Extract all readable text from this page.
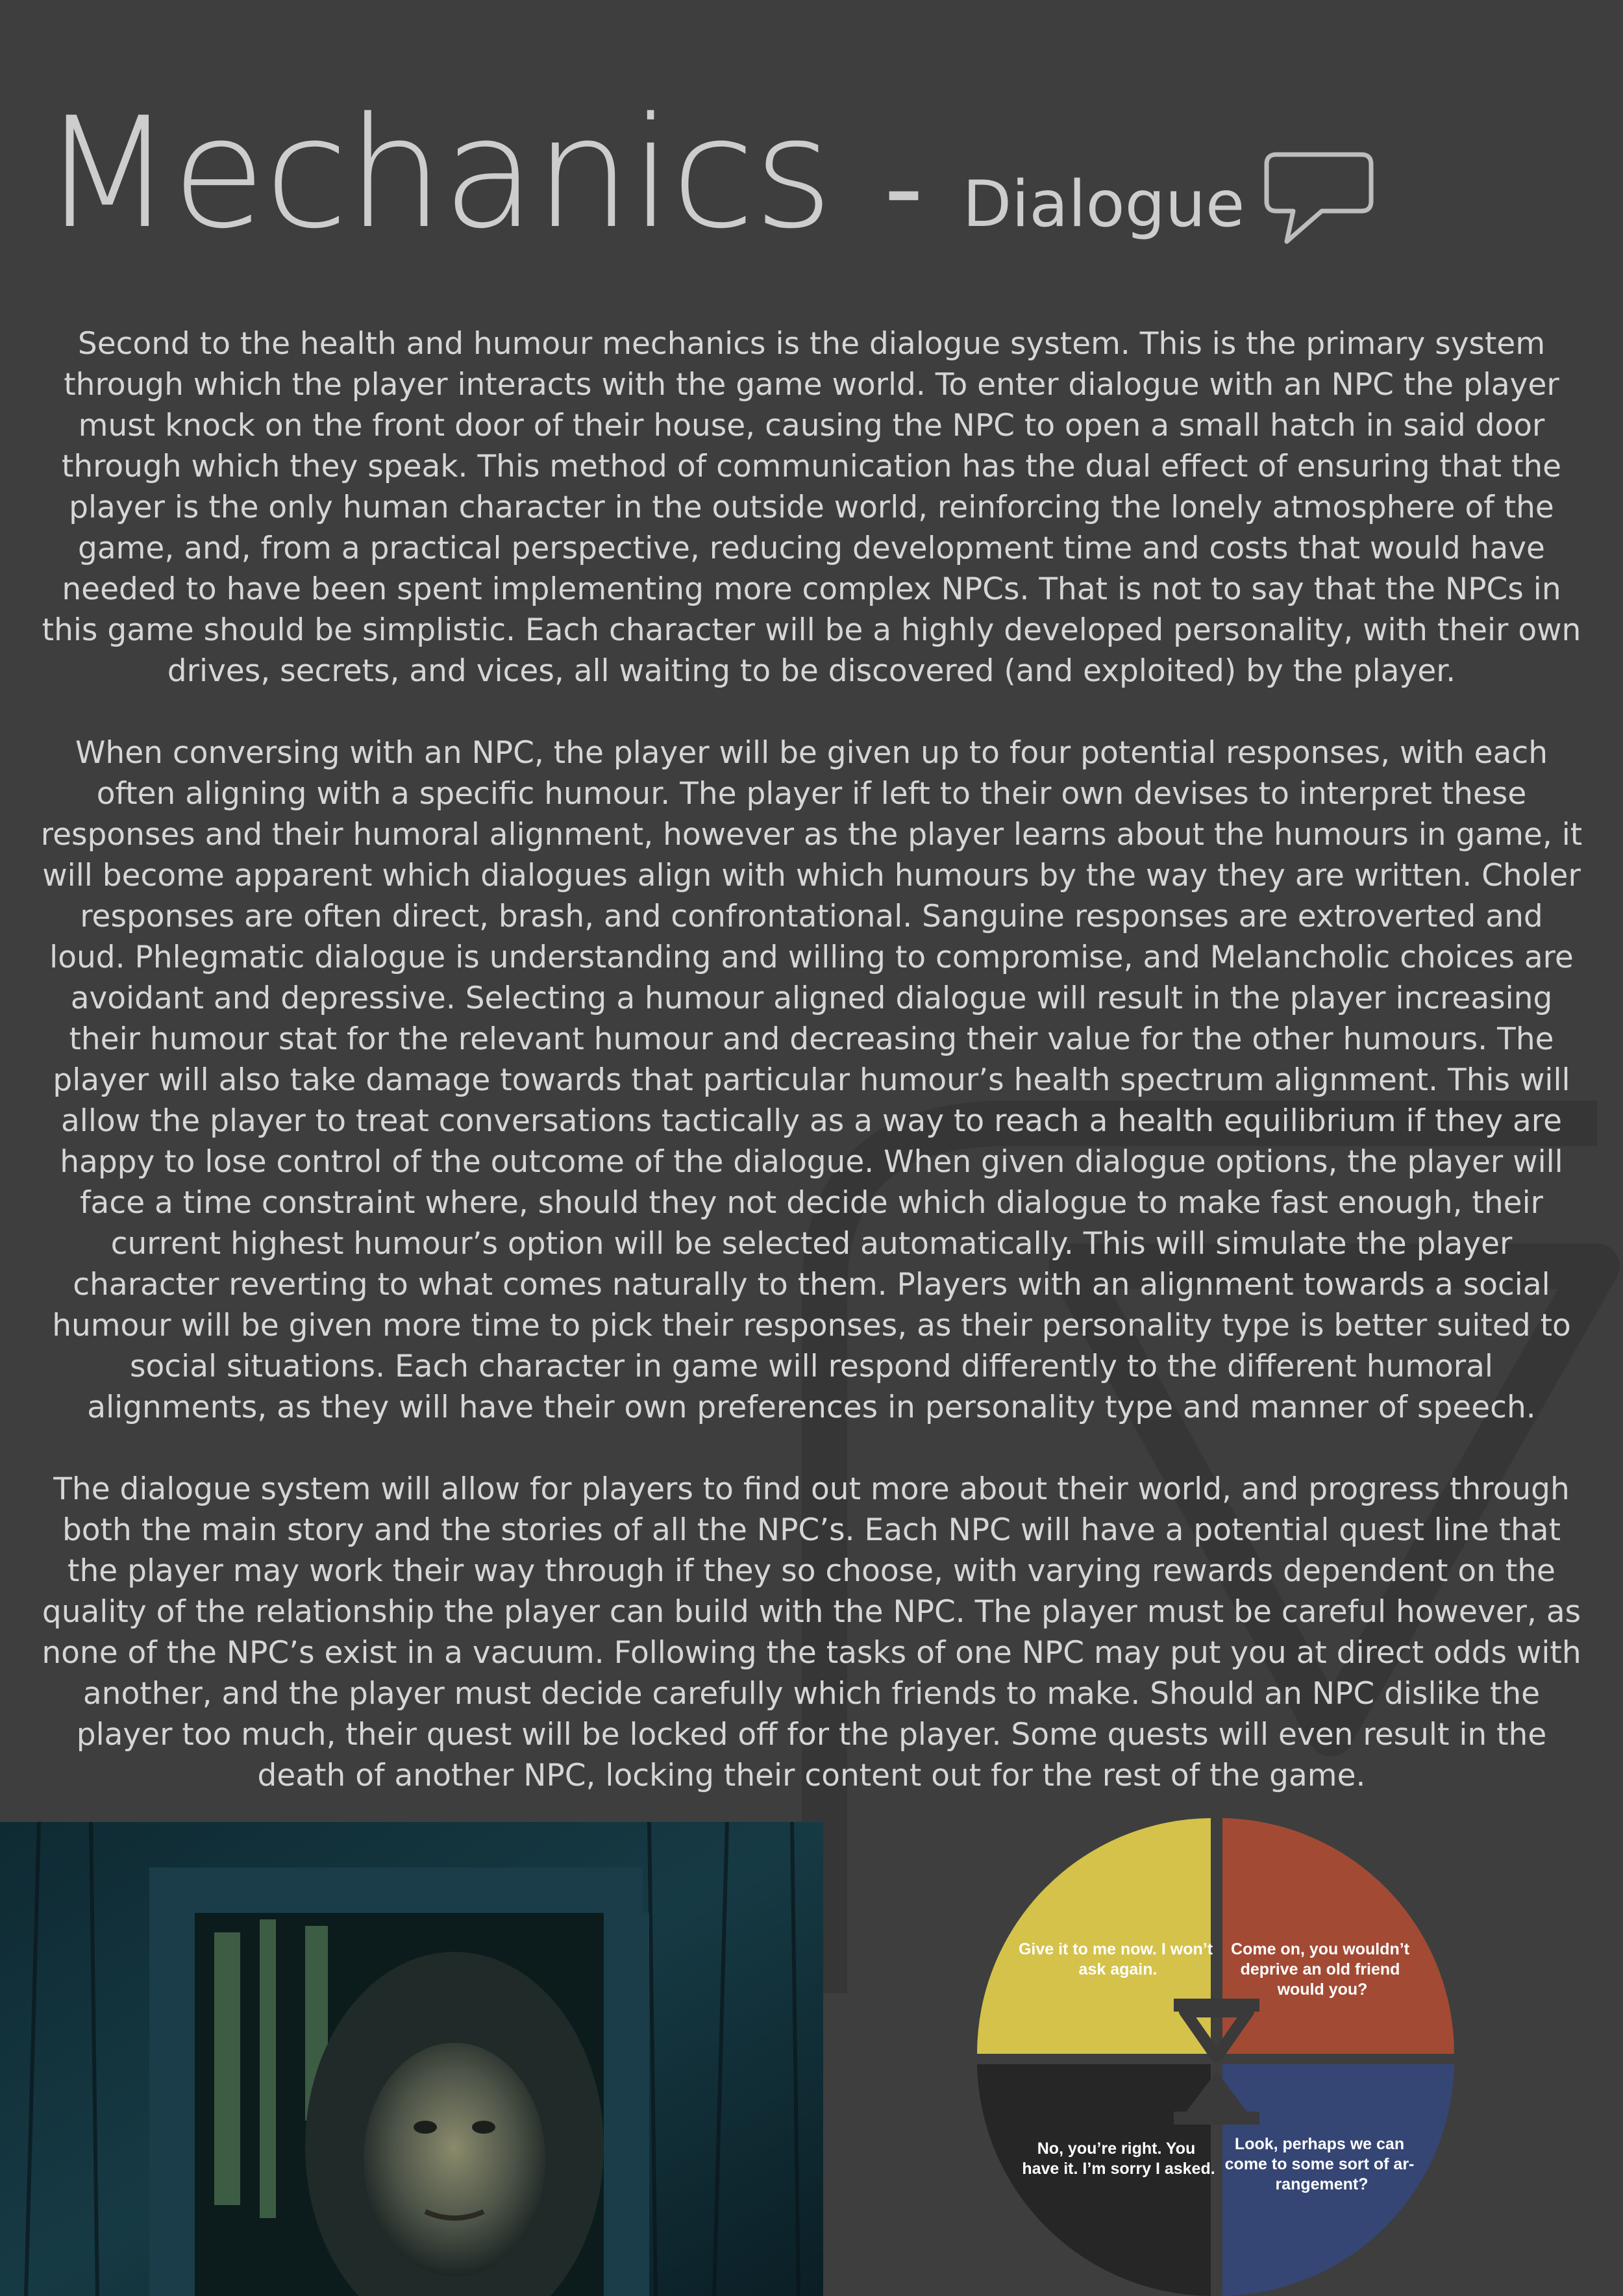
Mechanics - Dialogue

Second to the health and humour mechanics is the dialogue system. This is the primary system through which the player interacts with the game world. To enter dialogue with an NPC the player must knock on the front door of their house, causing the NPC to open a small hatch in said door through which they speak. This method of communication has the dual effect of ensuring that the player is the only human character in the outside world, reinforcing the lonely atmosphere of the game, and, from a practical perspective, reducing development time and costs that would have needed to have been spent implementing more complex NPCs. That is not to say that the NPCs in this game should be simplistic. Each character will be a highly developed personality, with their own drives, secrets, and vices, all waiting to be discovered (and exploited) by the player.

When conversing with an NPC, the player will be given up to four potential responses, with each often aligning with a specific humour. The player if left to their own devises to interpret these responses and their humoral alignment, however as the player learns about the humours in game, it will become apparent which dialogues align with which humours by the way they are written. Choler responses are often direct, brash, and confrontational. Sanguine responses are extroverted and loud. Phlegmatic dialogue is understanding and willing to compromise, and Melancholic choices are avoidant and depressive. Selecting a humour aligned dialogue will result in the player increasing their humour stat for the relevant humour and decreasing their value for the other humours. The player will also take damage towards that particular humour’s health spectrum alignment. This will allow the player to treat conversations tactically as a way to reach a health equilibrium if they are happy to lose control of the outcome of the dialogue. When given dialogue options, the player will face a time constraint where, should they not decide which dialogue to make fast enough, their current highest humour’s option will be selected automatically. This will simulate the player character reverting to what comes naturally to them. Players with an alignment towards a social humour will be given more time to pick their responses, as their personality type is better suited to social situations. Each character in game will respond differently to the different humoral alignments, as they will have their own preferences in personality type and manner of speech.

The dialogue system will allow for players to find out more about their world, and progress through both the main story and the stories of all the NPC’s. Each NPC will have a potential quest line that the player may work their way through if they so choose, with varying rewards dependent on the quality of the relationship the player can build with the NPC. The player must be careful however, as none of the NPC’s exist in a vacuum. Following the tasks of one NPC may put you at direct odds with another, and the player must decide carefully which friends to make. Should an NPC dislike the player too much, their quest will be locked off for the player. Some quests will even result in the death of another NPC, locking their content out for the rest of the game.

Give it to me now. I won’t ask again.
Come on, you wouldn’t deprive an old friend would you?
No, you’re right. You have it. I’m sorry I asked.
Look, perhaps we can come to some sort of ar- rangement?
